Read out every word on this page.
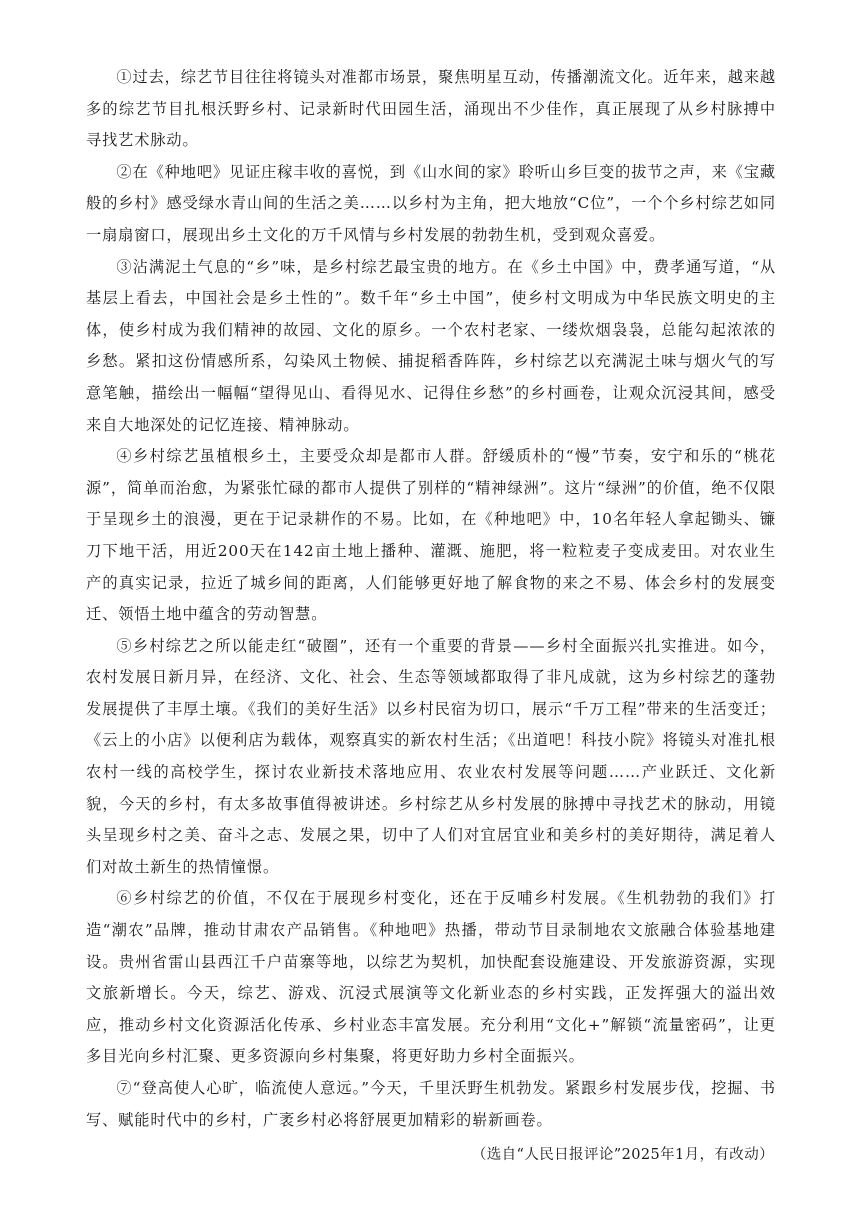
①过去，综艺节目往往将镜头对准都市场景，聚焦明星互动，传播潮流文化。近年来，越来越多的综艺节目扎根沃野乡村、记录新时代田园生活，涌现出不少佳作，真正展现了从乡村脉搏中寻找艺术脉动。

②在《种地吧》见证庄稼丰收的喜悦，到《山水间的家》聆听山乡巨变的拔节之声，来《宝藏般的乡村》感受绿水青山间的生活之美……以乡村为主角，把大地放“C位”，一个个乡村综艺如同一扇扇窗口，展现出乡土文化的万千风情与乡村发展的勃勃生机，受到观众喜爱。

③沾满泥土气息的“乡”味，是乡村综艺最宝贵的地方。在《乡土中国》中，费孝通写道，“从基层上看去，中国社会是乡土性的”。数千年“乡土中国”，使乡村文明成为中华民族文明史的主体，使乡村成为我们精神的故园、文化的原乡。一个农村老家、一缕炊烟袅袅，总能勾起浓浓的乡愁。紧扣这份情感所系，勾染风土物候、捕捉稻香阵阵，乡村综艺以充满泥土味与烟火气的写意笔触，描绘出一幅幅“望得见山、看得见水、记得住乡愁”的乡村画卷，让观众沉浸其间，感受来自大地深处的记忆连接、精神脉动。

④乡村综艺虽植根乡土，主要受众却是都市人群。舒缓质朴的“慢”节奏，安宁和乐的“桃花源”，简单而治愈，为紧张忙碌的都市人提供了别样的“精神绿洲”。这片“绿洲”的价值，绝不仅限于呈现乡土的浪漫，更在于记录耕作的不易。比如，在《种地吧》中，10名年轻人拿起锄头、镰刀下地干活，用近200天在142亩土地上播种、灌溉、施肥，将一粒粒麦子变成麦田。对农业生产的真实记录，拉近了城乡间的距离，人们能够更好地了解食物的来之不易、体会乡村的发展变迁、领悟土地中蕴含的劳动智慧。

⑤乡村综艺之所以能走红“破圈”，还有一个重要的背景——乡村全面振兴扎实推进。如今，农村发展日新月异，在经济、文化、社会、生态等领域都取得了非凡成就，这为乡村综艺的蓬勃发展提供了丰厚土壤。《我们的美好生活》以乡村民宿为切口，展示“千万工程”带来的生活变迁；《云上的小店》以便利店为载体，观察真实的新农村生活；《出道吧！科技小院》将镜头对准扎根农村一线的高校学生，探讨农业新技术落地应用、农业农村发展等问题……产业跃迁、文化新貌，今天的乡村，有太多故事值得被讲述。乡村综艺从乡村发展的脉搏中寻找艺术的脉动，用镜头呈现乡村之美、奋斗之志、发展之果，切中了人们对宜居宜业和美乡村的美好期待，满足着人们对故土新生的热情憧憬。

⑥乡村综艺的价值，不仅在于展现乡村变化，还在于反哺乡村发展。《生机勃勃的我们》打造“潮农”品牌，推动甘肃农产品销售。《种地吧》热播，带动节目录制地农文旅融合体验基地建设。贵州省雷山县西江千户苗寨等地，以综艺为契机，加快配套设施建设、开发旅游资源，实现文旅新增长。今天，综艺、游戏、沉浸式展演等文化新业态的乡村实践，正发挥强大的溢出效应，推动乡村文化资源活化传承、乡村业态丰富发展。充分利用“文化+”解锁“流量密码”，让更多目光向乡村汇聚、更多资源向乡村集聚，将更好助力乡村全面振兴。

⑦“登高使人心旷，临流使人意远。”今天，千里沃野生机勃发。紧跟乡村发展步伐，挖掘、书写、赋能时代中的乡村，广袤乡村必将舒展更加精彩的崭新画卷。

（选自“人民日报评论”2025年1月，有改动）
